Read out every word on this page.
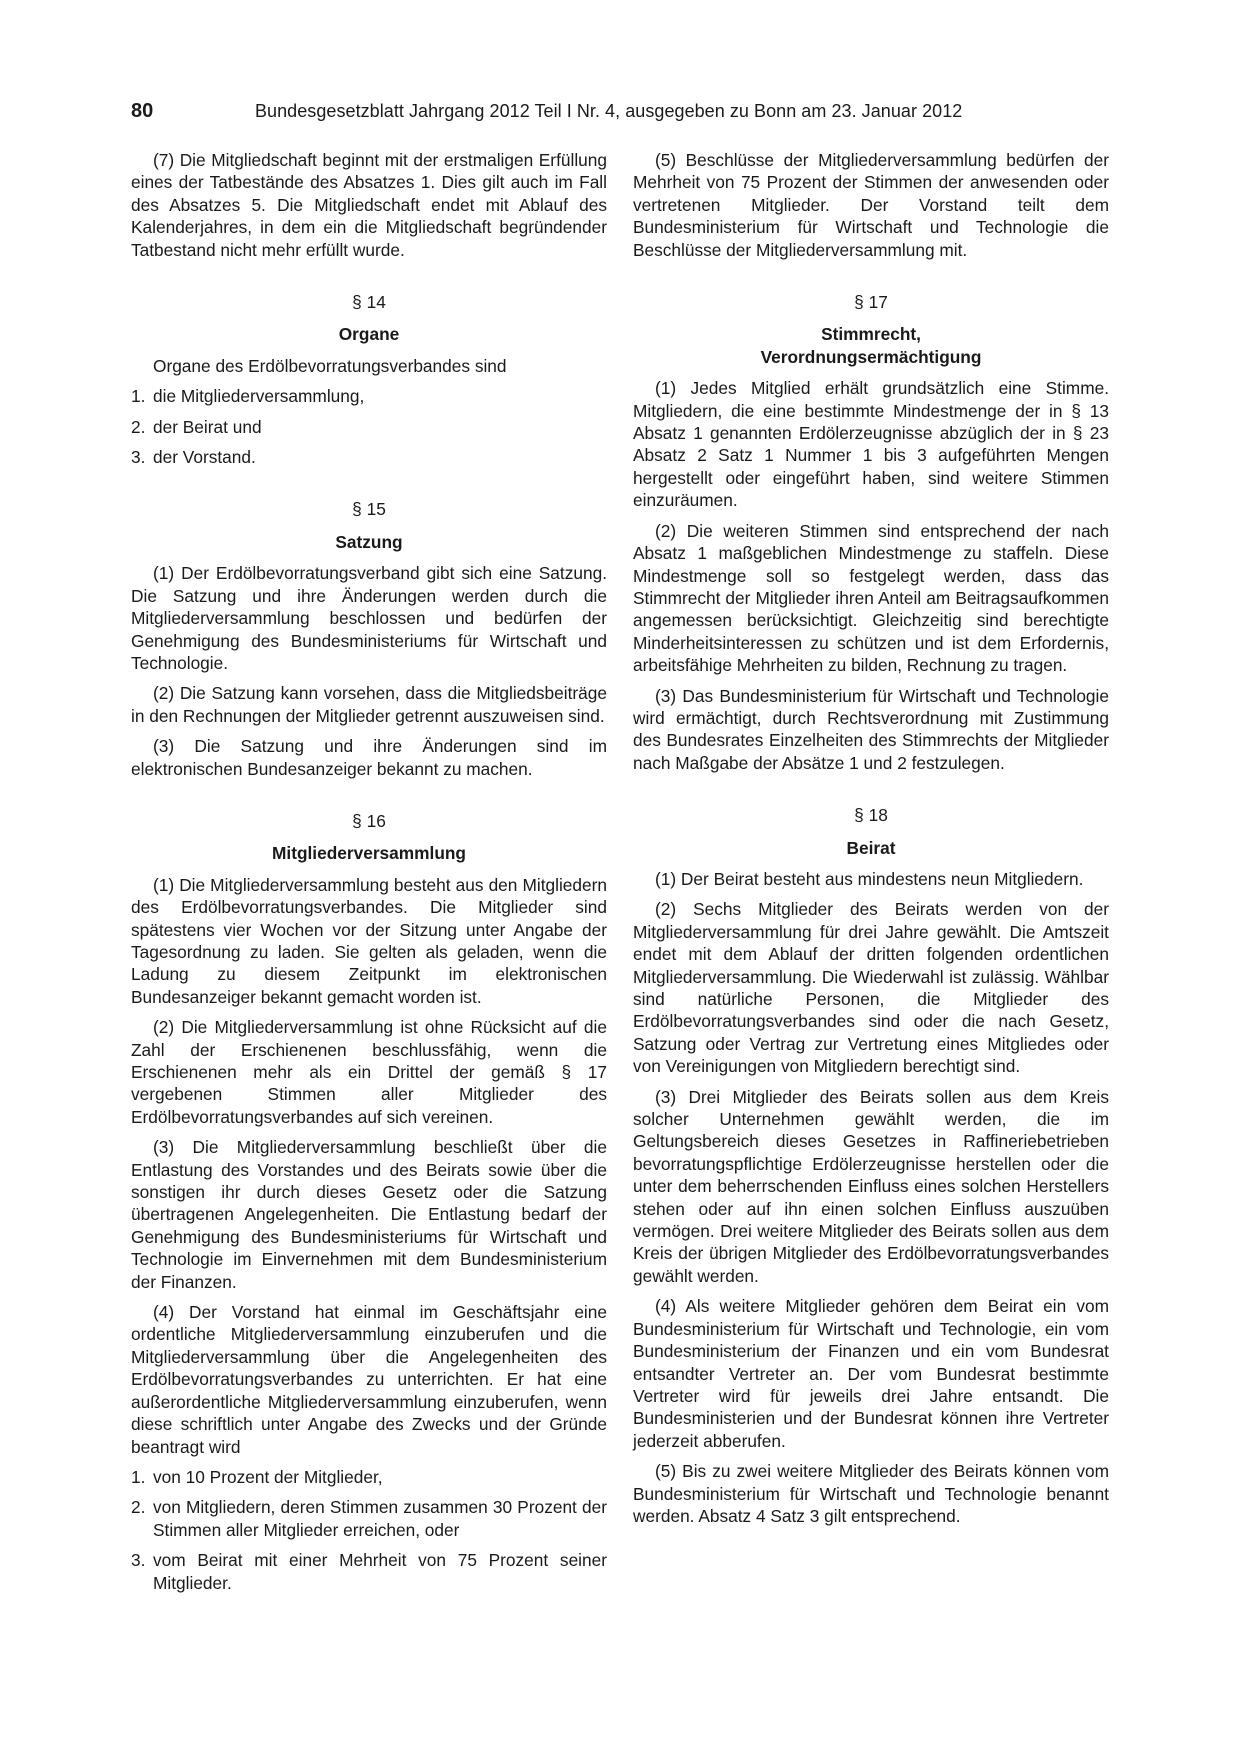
80	Bundesgesetzblatt Jahrgang 2012 Teil I Nr. 4, ausgegeben zu Bonn am 23. Januar 2012

(7) Die Mitgliedschaft beginnt mit der erstmaligen Erfüllung eines der Tatbestände des Absatzes 1. Dies gilt auch im Fall des Absatzes 5. Die Mitgliedschaft endet mit Ablauf des Kalenderjahres, in dem ein die Mitgliedschaft begründender Tatbestand nicht mehr erfüllt wurde.

§ 14
Organe

Organe des Erdölbevorratungsverbandes sind

1. die Mitgliederversammlung,
2. der Beirat und
3. der Vorstand.
§ 15
Satzung

(1) Der Erdölbevorratungsverband gibt sich eine Satzung. Die Satzung und ihre Änderungen werden durch die Mitgliederversammlung beschlossen und bedürfen der Genehmigung des Bundesministeriums für Wirtschaft und Technologie.

(2) Die Satzung kann vorsehen, dass die Mitgliedsbeiträge in den Rechnungen der Mitglieder getrennt auszuweisen sind.

(3) Die Satzung und ihre Änderungen sind im elektronischen Bundesanzeiger bekannt zu machen.

§ 16
Mitgliederversammlung

(1) Die Mitgliederversammlung besteht aus den Mitgliedern des Erdölbevorratungsverbandes. Die Mitglieder sind spätestens vier Wochen vor der Sitzung unter Angabe der Tagesordnung zu laden. Sie gelten als geladen, wenn die Ladung zu diesem Zeitpunkt im elektronischen Bundesanzeiger bekannt gemacht worden ist.

(2) Die Mitgliederversammlung ist ohne Rücksicht auf die Zahl der Erschienenen beschlussfähig, wenn die Erschienenen mehr als ein Drittel der gemäß § 17 vergebenen Stimmen aller Mitglieder des Erdölbevorratungsverbandes auf sich vereinen.

(3) Die Mitgliederversammlung beschließt über die Entlastung des Vorstandes und des Beirats sowie über die sonstigen ihr durch dieses Gesetz oder die Satzung übertragenen Angelegenheiten. Die Entlastung bedarf der Genehmigung des Bundesministeriums für Wirtschaft und Technologie im Einvernehmen mit dem Bundesministerium der Finanzen.

(4) Der Vorstand hat einmal im Geschäftsjahr eine ordentliche Mitgliederversammlung einzuberufen und die Mitgliederversammlung über die Angelegenheiten des Erdölbevorratungsverbandes zu unterrichten. Er hat eine außerordentliche Mitgliederversammlung einzuberufen, wenn diese schriftlich unter Angabe des Zwecks und der Gründe beantragt wird

1. von 10 Prozent der Mitglieder,
2. von Mitgliedern, deren Stimmen zusammen 30 Prozent der Stimmen aller Mitglieder erreichen, oder
3. vom Beirat mit einer Mehrheit von 75 Prozent seiner Mitglieder.

(5) Beschlüsse der Mitgliederversammlung bedürfen der Mehrheit von 75 Prozent der Stimmen der anwesenden oder vertretenen Mitglieder. Der Vorstand teilt dem Bundesministerium für Wirtschaft und Technologie die Beschlüsse der Mitgliederversammlung mit.

§ 17
Stimmrecht,
Verordnungsermächtigung

(1) Jedes Mitglied erhält grundsätzlich eine Stimme. Mitgliedern, die eine bestimmte Mindestmenge der in § 13 Absatz 1 genannten Erdölerzeugnisse abzüglich der in § 23 Absatz 2 Satz 1 Nummer 1 bis 3 aufgeführten Mengen hergestellt oder eingeführt haben, sind weitere Stimmen einzuräumen.

(2) Die weiteren Stimmen sind entsprechend der nach Absatz 1 maßgeblichen Mindestmenge zu staffeln. Diese Mindestmenge soll so festgelegt werden, dass das Stimmrecht der Mitglieder ihren Anteil am Beitragsaufkommen angemessen berücksichtigt. Gleichzeitig sind berechtigte Minderheitsinteressen zu schützen und ist dem Erfordernis, arbeitsfähige Mehrheiten zu bilden, Rechnung zu tragen.

(3) Das Bundesministerium für Wirtschaft und Technologie wird ermächtigt, durch Rechtsverordnung mit Zustimmung des Bundesrates Einzelheiten des Stimmrechts der Mitglieder nach Maßgabe der Absätze 1 und 2 festzulegen.

§ 18
Beirat

(1) Der Beirat besteht aus mindestens neun Mitgliedern.

(2) Sechs Mitglieder des Beirats werden von der Mitgliederversammlung für drei Jahre gewählt. Die Amtszeit endet mit dem Ablauf der dritten folgenden ordentlichen Mitgliederversammlung. Die Wiederwahl ist zulässig. Wählbar sind natürliche Personen, die Mitglieder des Erdölbevorratungsverbandes sind oder die nach Gesetz, Satzung oder Vertrag zur Vertretung eines Mitgliedes oder von Vereinigungen von Mitgliedern berechtigt sind.

(3) Drei Mitglieder des Beirats sollen aus dem Kreis solcher Unternehmen gewählt werden, die im Geltungsbereich dieses Gesetzes in Raffineriebetrieben bevorratungspflichtige Erdölerzeugnisse herstellen oder die unter dem beherrschenden Einfluss eines solchen Herstellers stehen oder auf ihn einen solchen Einfluss auszuüben vermögen. Drei weitere Mitglieder des Beirats sollen aus dem Kreis der übrigen Mitglieder des Erdölbevorratungsverbandes gewählt werden.

(4) Als weitere Mitglieder gehören dem Beirat ein vom Bundesministerium für Wirtschaft und Technologie, ein vom Bundesministerium der Finanzen und ein vom Bundesrat entsandter Vertreter an. Der vom Bundesrat bestimmte Vertreter wird für jeweils drei Jahre entsandt. Die Bundesministerien und der Bundesrat können ihre Vertreter jederzeit abberufen.

(5) Bis zu zwei weitere Mitglieder des Beirats können vom Bundesministerium für Wirtschaft und Technologie benannt werden. Absatz 4 Satz 3 gilt entsprechend.
